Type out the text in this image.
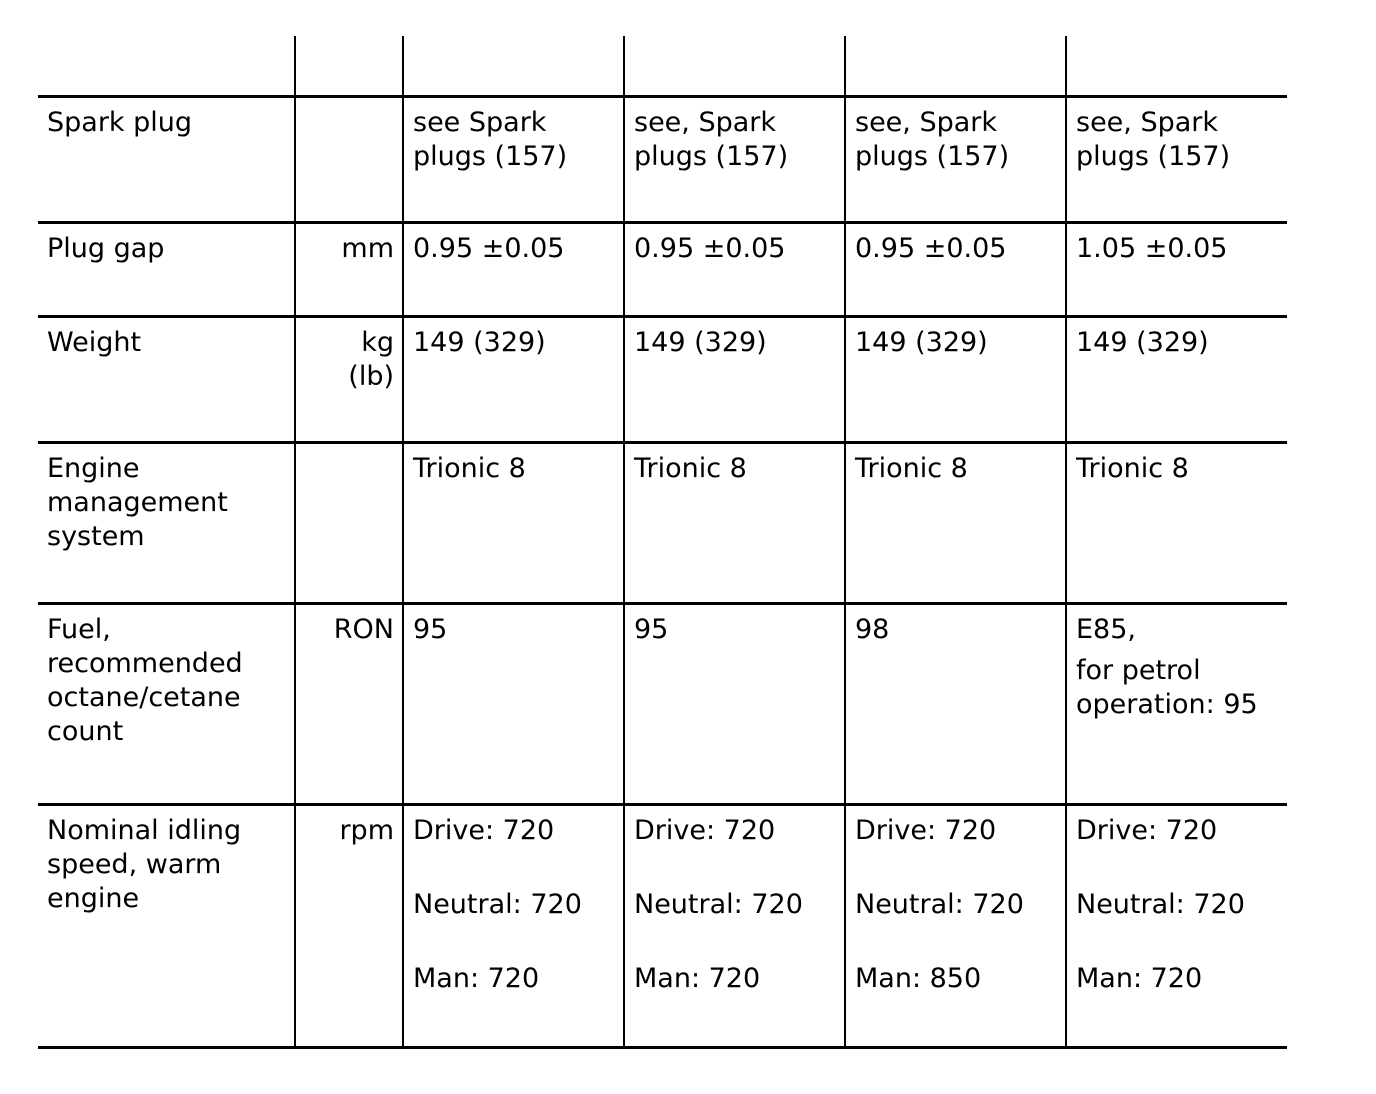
Spark plug		see Spark plugs (157)	see, Spark plugs (157)	see, Spark plugs (157)	see, Spark plugs (157)
Plug gap	mm	0.95 ±0.05	0.95 ±0.05	0.95 ±0.05	1.05 ±0.05
Weight	kg (lb)	149 (329)	149 (329)	149 (329)	149 (329)
Engine management system		Trionic 8	Trionic 8	Trionic 8	Trionic 8
Fuel, recommended octane/cetane count	RON	95	95	98	E85,
for petrol operation: 95

Nominal idling speed, warm engine	rpm	Drive: 720
Neutral: 720
Man: 720	Drive: 720
Neutral: 720
Man: 720	Drive: 720
Neutral: 720
Man: 850	Drive: 720
Neutral: 720
Man: 720
